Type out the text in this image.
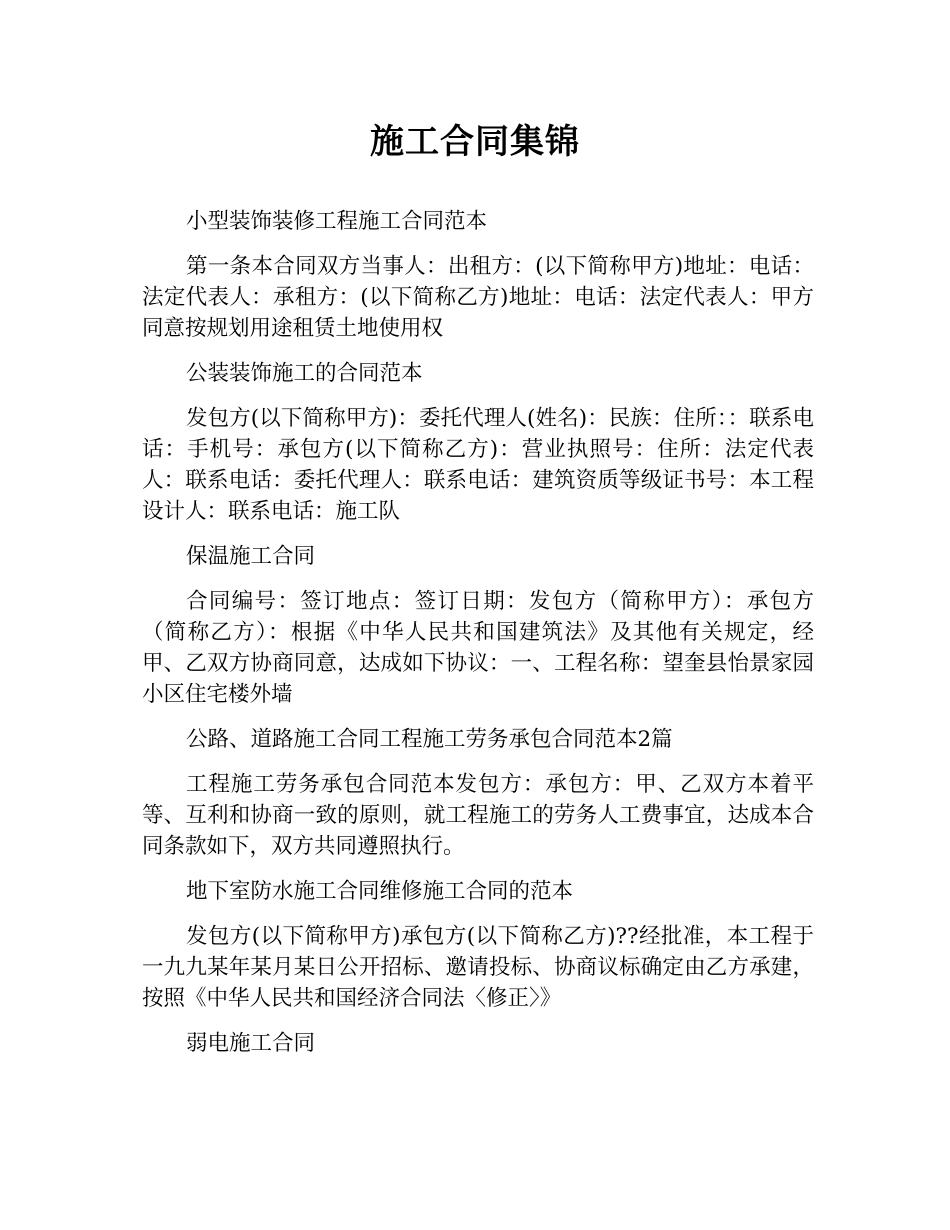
施工合同集锦

小型装饰装修工程施工合同范本

第一条本合同双方当事人：出租方：(以下简称甲方)地址：电话：法定代表人：承租方：(以下简称乙方)地址：电话：法定代表人：甲方同意按规划用途租赁土地使用权

公装装饰施工的合同范本

发包方(以下简称甲方)：委托代理人(姓名)：民族：住所：：联系电话：手机号：承包方(以下简称乙方)：营业执照号：住所：法定代表人：联系电话：委托代理人：联系电话：建筑资质等级证书号：本工程设计人：联系电话：施工队

保温施工合同

合同编号：签订地点：签订日期：发包方（简称甲方）：承包方（简称乙方）：根据《中华人民共和国建筑法》及其他有关规定，经甲、乙双方协商同意，达成如下协议：一、工程名称：望奎县怡景家园小区住宅楼外墙

公路、道路施工合同工程施工劳务承包合同范本2篇

工程施工劳务承包合同范本发包方：承包方：甲、乙双方本着平等、互利和协商一致的原则，就工程施工的劳务人工费事宜，达成本合同条款如下，双方共同遵照执行。

地下室防水施工合同维修施工合同的范本

发包方(以下简称甲方)承包方(以下简称乙方)??经批准，本工程于一九九某年某月某日公开招标、邀请投标、协商议标确定由乙方承建，按照《中华人民共和国经济合同法〈修正〉》

弱电施工合同
